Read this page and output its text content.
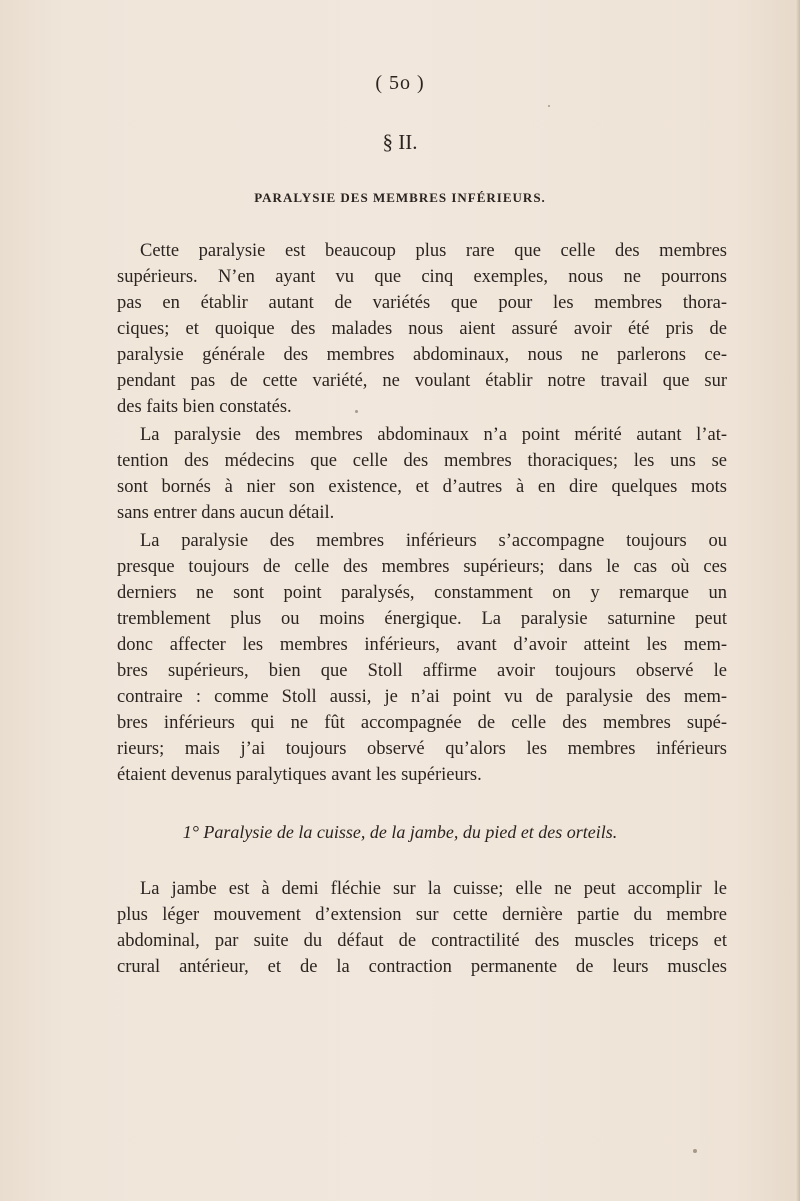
( 5o )
§ II.
PARALYSIE DES MEMBRES INFÉRIEURS.
Cette paralysie est beaucoup plus rare que celle des membres
supérieurs. N’en ayant vu que cinq exemples, nous ne pourrons
pas en établir autant de variétés que pour les membres thora-
ciques; et quoique des malades nous aient assuré avoir été pris de
paralysie générale des membres abdominaux, nous ne parlerons ce-
pendant pas de cette variété, ne voulant établir notre travail que sur
des faits bien constatés.
La paralysie des membres abdominaux n’a point mérité autant l’at-
tention des médecins que celle des membres thoraciques; les uns se
sont bornés à nier son existence, et d’autres à en dire quelques mots
sans entrer dans aucun détail.
La paralysie des membres inférieurs s’accompagne toujours ou
presque toujours de celle des membres supérieurs; dans le cas où ces
derniers ne sont point paralysés, constamment on y remarque un
tremblement plus ou moins énergique. La paralysie saturnine peut
donc affecter les membres inférieurs, avant d’avoir atteint les mem-
bres supérieurs, bien que Stoll affirme avoir toujours observé le
contraire : comme Stoll aussi, je n’ai point vu de paralysie des mem-
bres inférieurs qui ne fût accompagnée de celle des membres supé-
rieurs; mais j’ai toujours observé qu’alors les membres inférieurs
étaient devenus paralytiques avant les supérieurs.
1° Paralysie de la cuisse, de la jambe, du pied et des orteils.
La jambe est à demi fléchie sur la cuisse; elle ne peut accomplir le
plus léger mouvement d’extension sur cette dernière partie du membre
abdominal, par suite du défaut de contractilité des muscles triceps et
crural antérieur, et de la contraction permanente de leurs muscles
